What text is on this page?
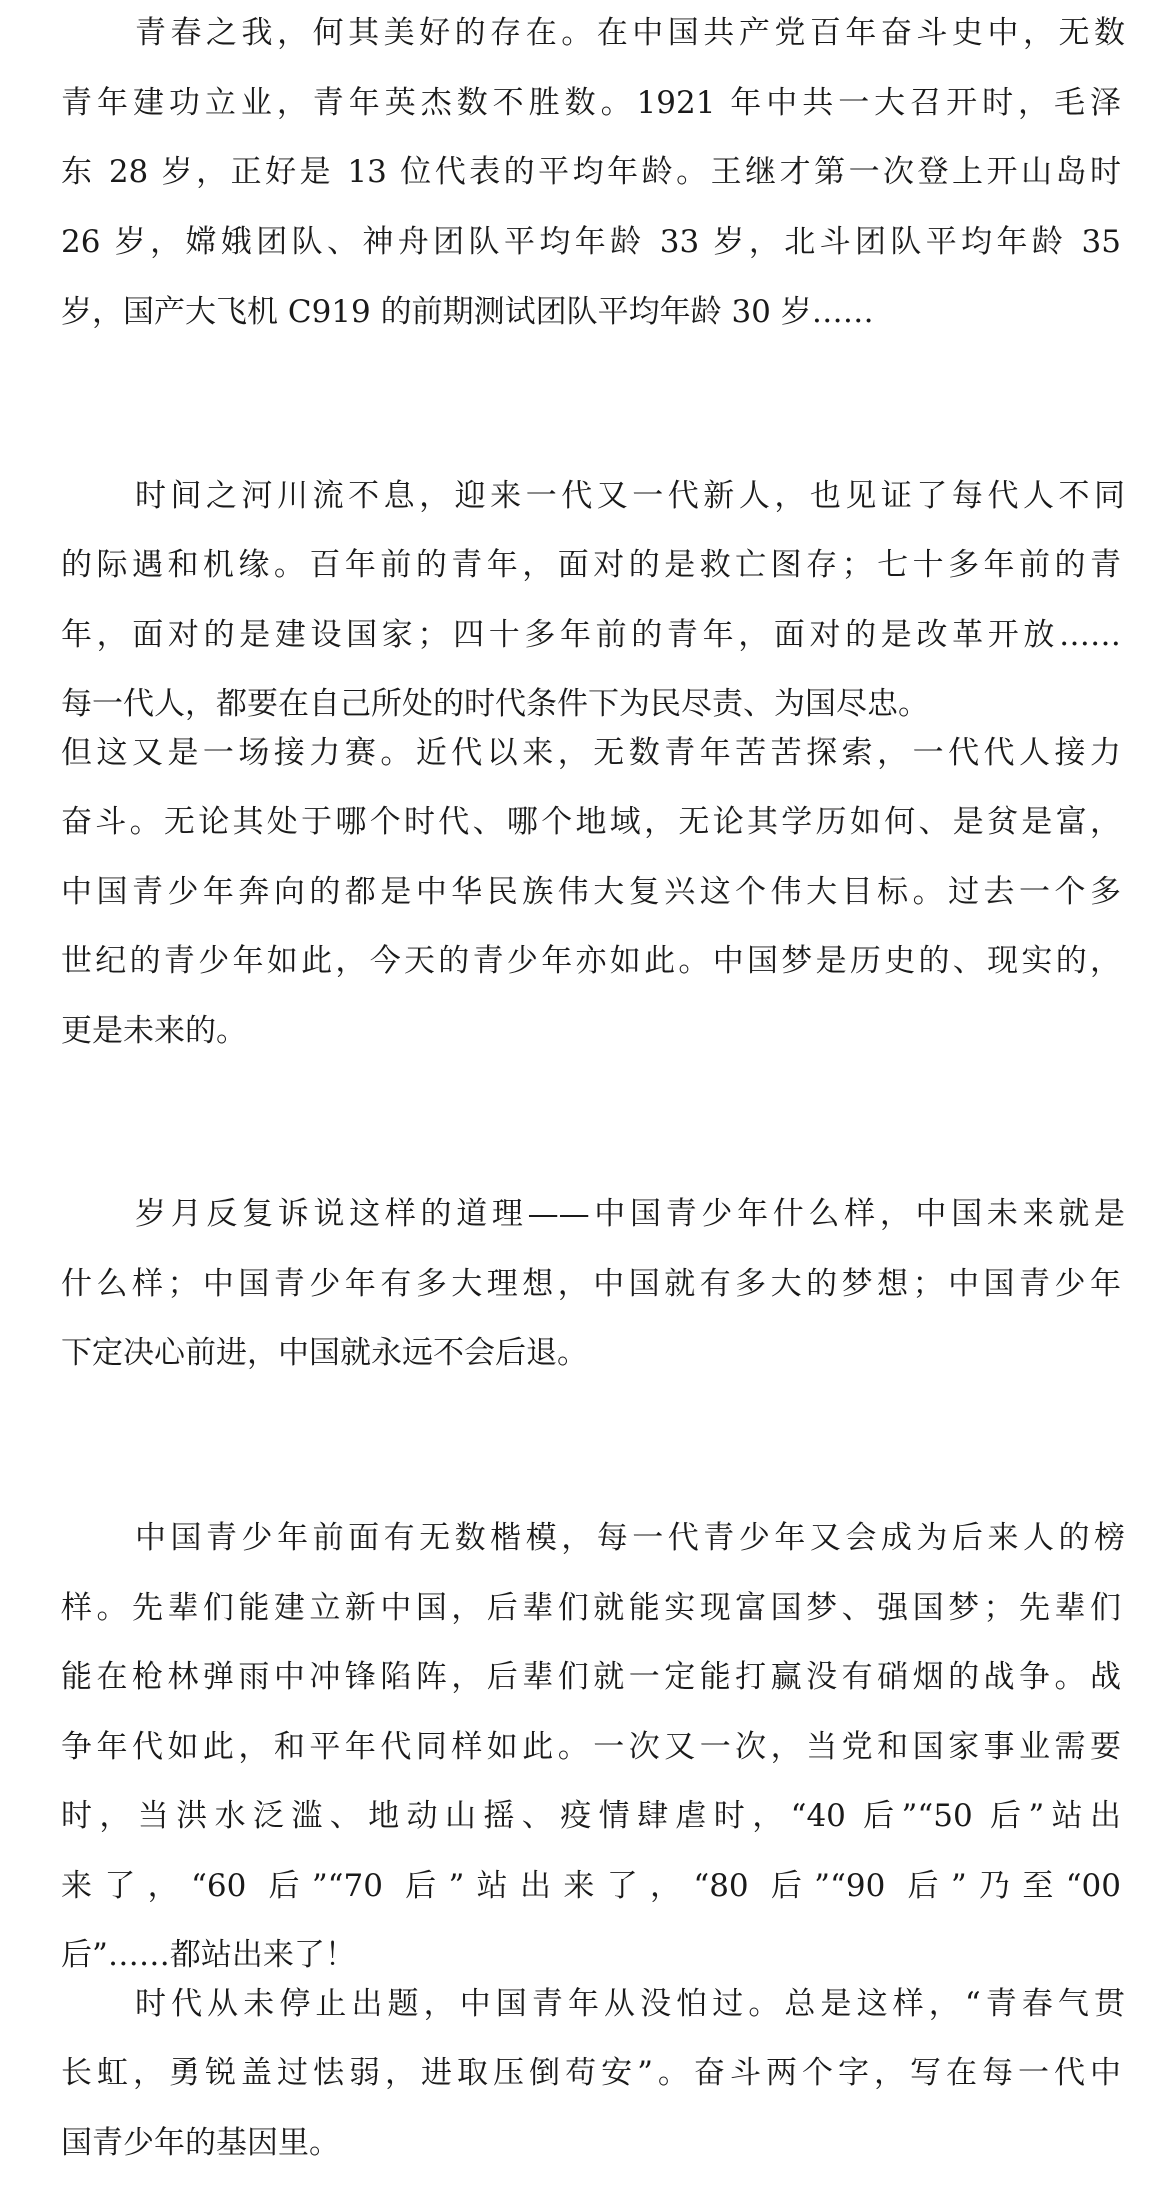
青春之我，何其美好的存在。在中国共产党百年奋斗史中，无数
青年建功立业，青年英杰数不胜数。1921 年中共一大召开时，毛泽
东 28 岁，正好是 13 位代表的平均年龄。王继才第一次登上开山岛时
26 岁，嫦娥团队、神舟团队平均年龄 33 岁，北斗团队平均年龄 35
岁，国产大飞机 C919 的前期测试团队平均年龄 30 岁……
时间之河川流不息，迎来一代又一代新人，也见证了每代人不同
的际遇和机缘。百年前的青年，面对的是救亡图存；七十多年前的青
年，面对的是建设国家；四十多年前的青年，面对的是改革开放……
每一代人，都要在自己所处的时代条件下为民尽责、为国尽忠。
但这又是一场接力赛。近代以来，无数青年苦苦探索，一代代人接力
奋斗。无论其处于哪个时代、哪个地域，无论其学历如何、是贫是富，
中国青少年奔向的都是中华民族伟大复兴这个伟大目标。过去一个多
世纪的青少年如此，今天的青少年亦如此。中国梦是历史的、现实的，
更是未来的。
岁月反复诉说这样的道理——中国青少年什么样，中国未来就是
什么样；中国青少年有多大理想，中国就有多大的梦想；中国青少年
下定决心前进，中国就永远不会后退。
中国青少年前面有无数楷模，每一代青少年又会成为后来人的榜
样。先辈们能建立新中国，后辈们就能实现富国梦、强国梦；先辈们
能在枪林弹雨中冲锋陷阵，后辈们就一定能打赢没有硝烟的战争。战
争年代如此，和平年代同样如此。一次又一次，当党和国家事业需要
时，当洪水泛滥、地动山摇、疫情肆虐时，“40 后”“50 后”站出
来了，“60 后”“70 后”站出来了，“80 后”“90 后”乃至“00
后”……都站出来了！
时代从未停止出题，中国青年从没怕过。总是这样，“青春气贯
长虹，勇锐盖过怯弱，进取压倒苟安”。奋斗两个字，写在每一代中
国青少年的基因里。
